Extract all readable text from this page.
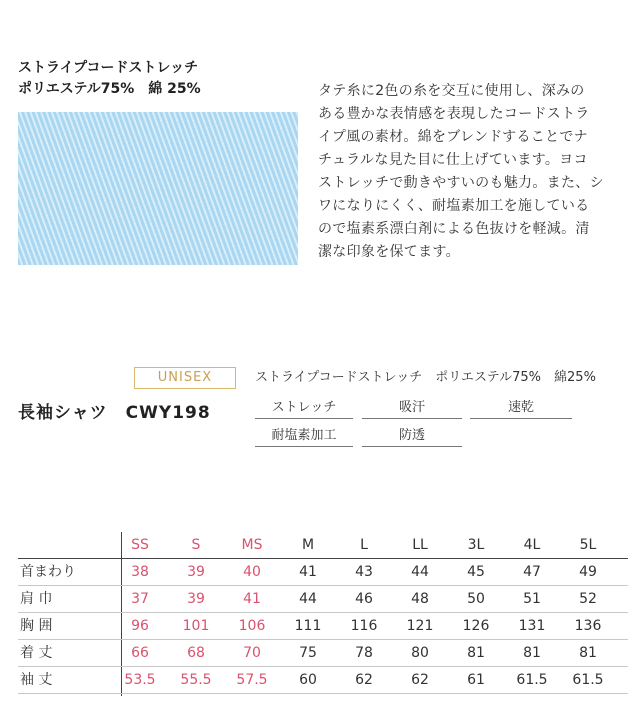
ストライプコードストレッチ
ポリエステル75%　綿 25%	タテ糸に2色の糸を交互に使用し、深みの
ある豊かな表情感を表現したコードストラ
イプ風の素材。綿をブレンドすることでナ
チュラルな見た目に仕上げています。ヨコ
ストレッチで動きやすいのも魅力。また、シ
ワになりにくく、耐塩素加工を施している
ので塩素系漂白剤による色抜けを軽減。清
潔な印象を保てます。
UNISEX
長袖シャツ CWY198
ストライプコードストレッチ　ポリエステル75%　綿25%
ストレッチ	吸汗	速乾
耐塩素加工	防透
SS	S	MS	M	L	LL	3L	4L	5L
首まわり	38	39	40	41	43	44	45	47	49
肩 巾	37	39	41	44	46	48	50	51	52
胸 囲	96	101	106	111	116	121	126	131	136
着 丈	66	68	70	75	78	80	81	81	81
袖 丈	53.5	55.5	57.5	60	62	62	61	61.5	61.5
